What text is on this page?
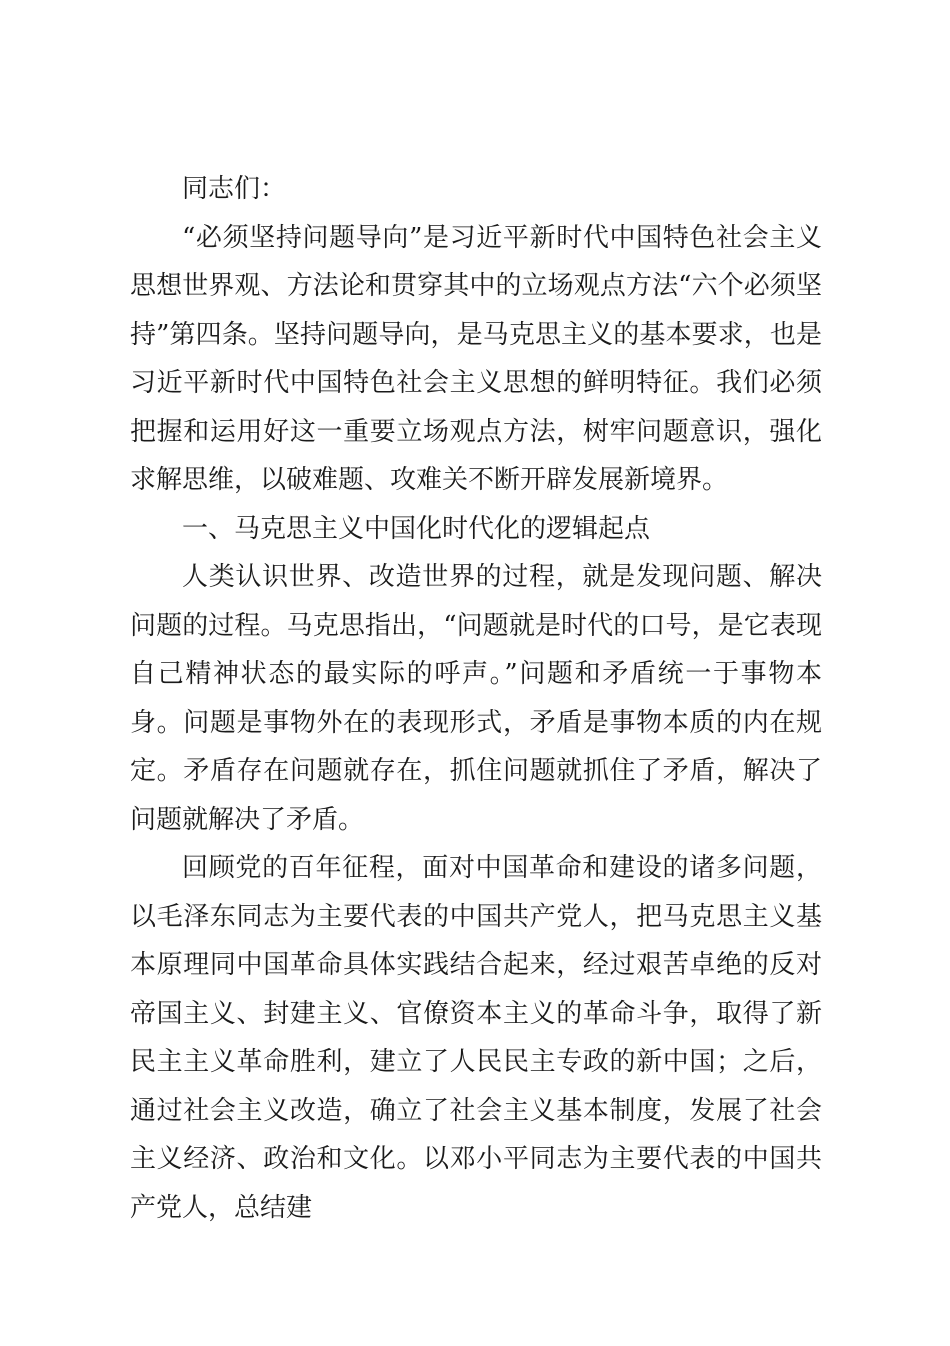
同志们：

“必须坚持问题导向”是习近平新时代中国特色社会主义思想世界观、方法论和贯穿其中的立场观点方法“六个必须坚持”第四条。坚持问题导向，是马克思主义的基本要求，也是习近平新时代中国特色社会主义思想的鲜明特征。我们必须把握和运用好这一重要立场观点方法，树牢问题意识，强化求解思维，以破难题、攻难关不断开辟发展新境界。

一、马克思主义中国化时代化的逻辑起点

人类认识世界、改造世界的过程，就是发现问题、解决问题的过程。马克思指出，“问题就是时代的口号，是它表现自己精神状态的最实际的呼声。”问题和矛盾统一于事物本身。问题是事物外在的表现形式，矛盾是事物本质的内在规定。矛盾存在问题就存在，抓住问题就抓住了矛盾，解决了问题就解决了矛盾。

回顾党的百年征程，面对中国革命和建设的诸多问题，以毛泽东同志为主要代表的中国共产党人，把马克思主义基本原理同中国革命具体实践结合起来，经过艰苦卓绝的反对帝国主义、封建主义、官僚资本主义的革命斗争，取得了新民主主义革命胜利，建立了人民民主专政的新中国；之后，通过社会主义改造，确立了社会主义基本制度，发展了社会主义经济、政治和文化。以邓小平同志为主要代表的中国共产党人，总结建
